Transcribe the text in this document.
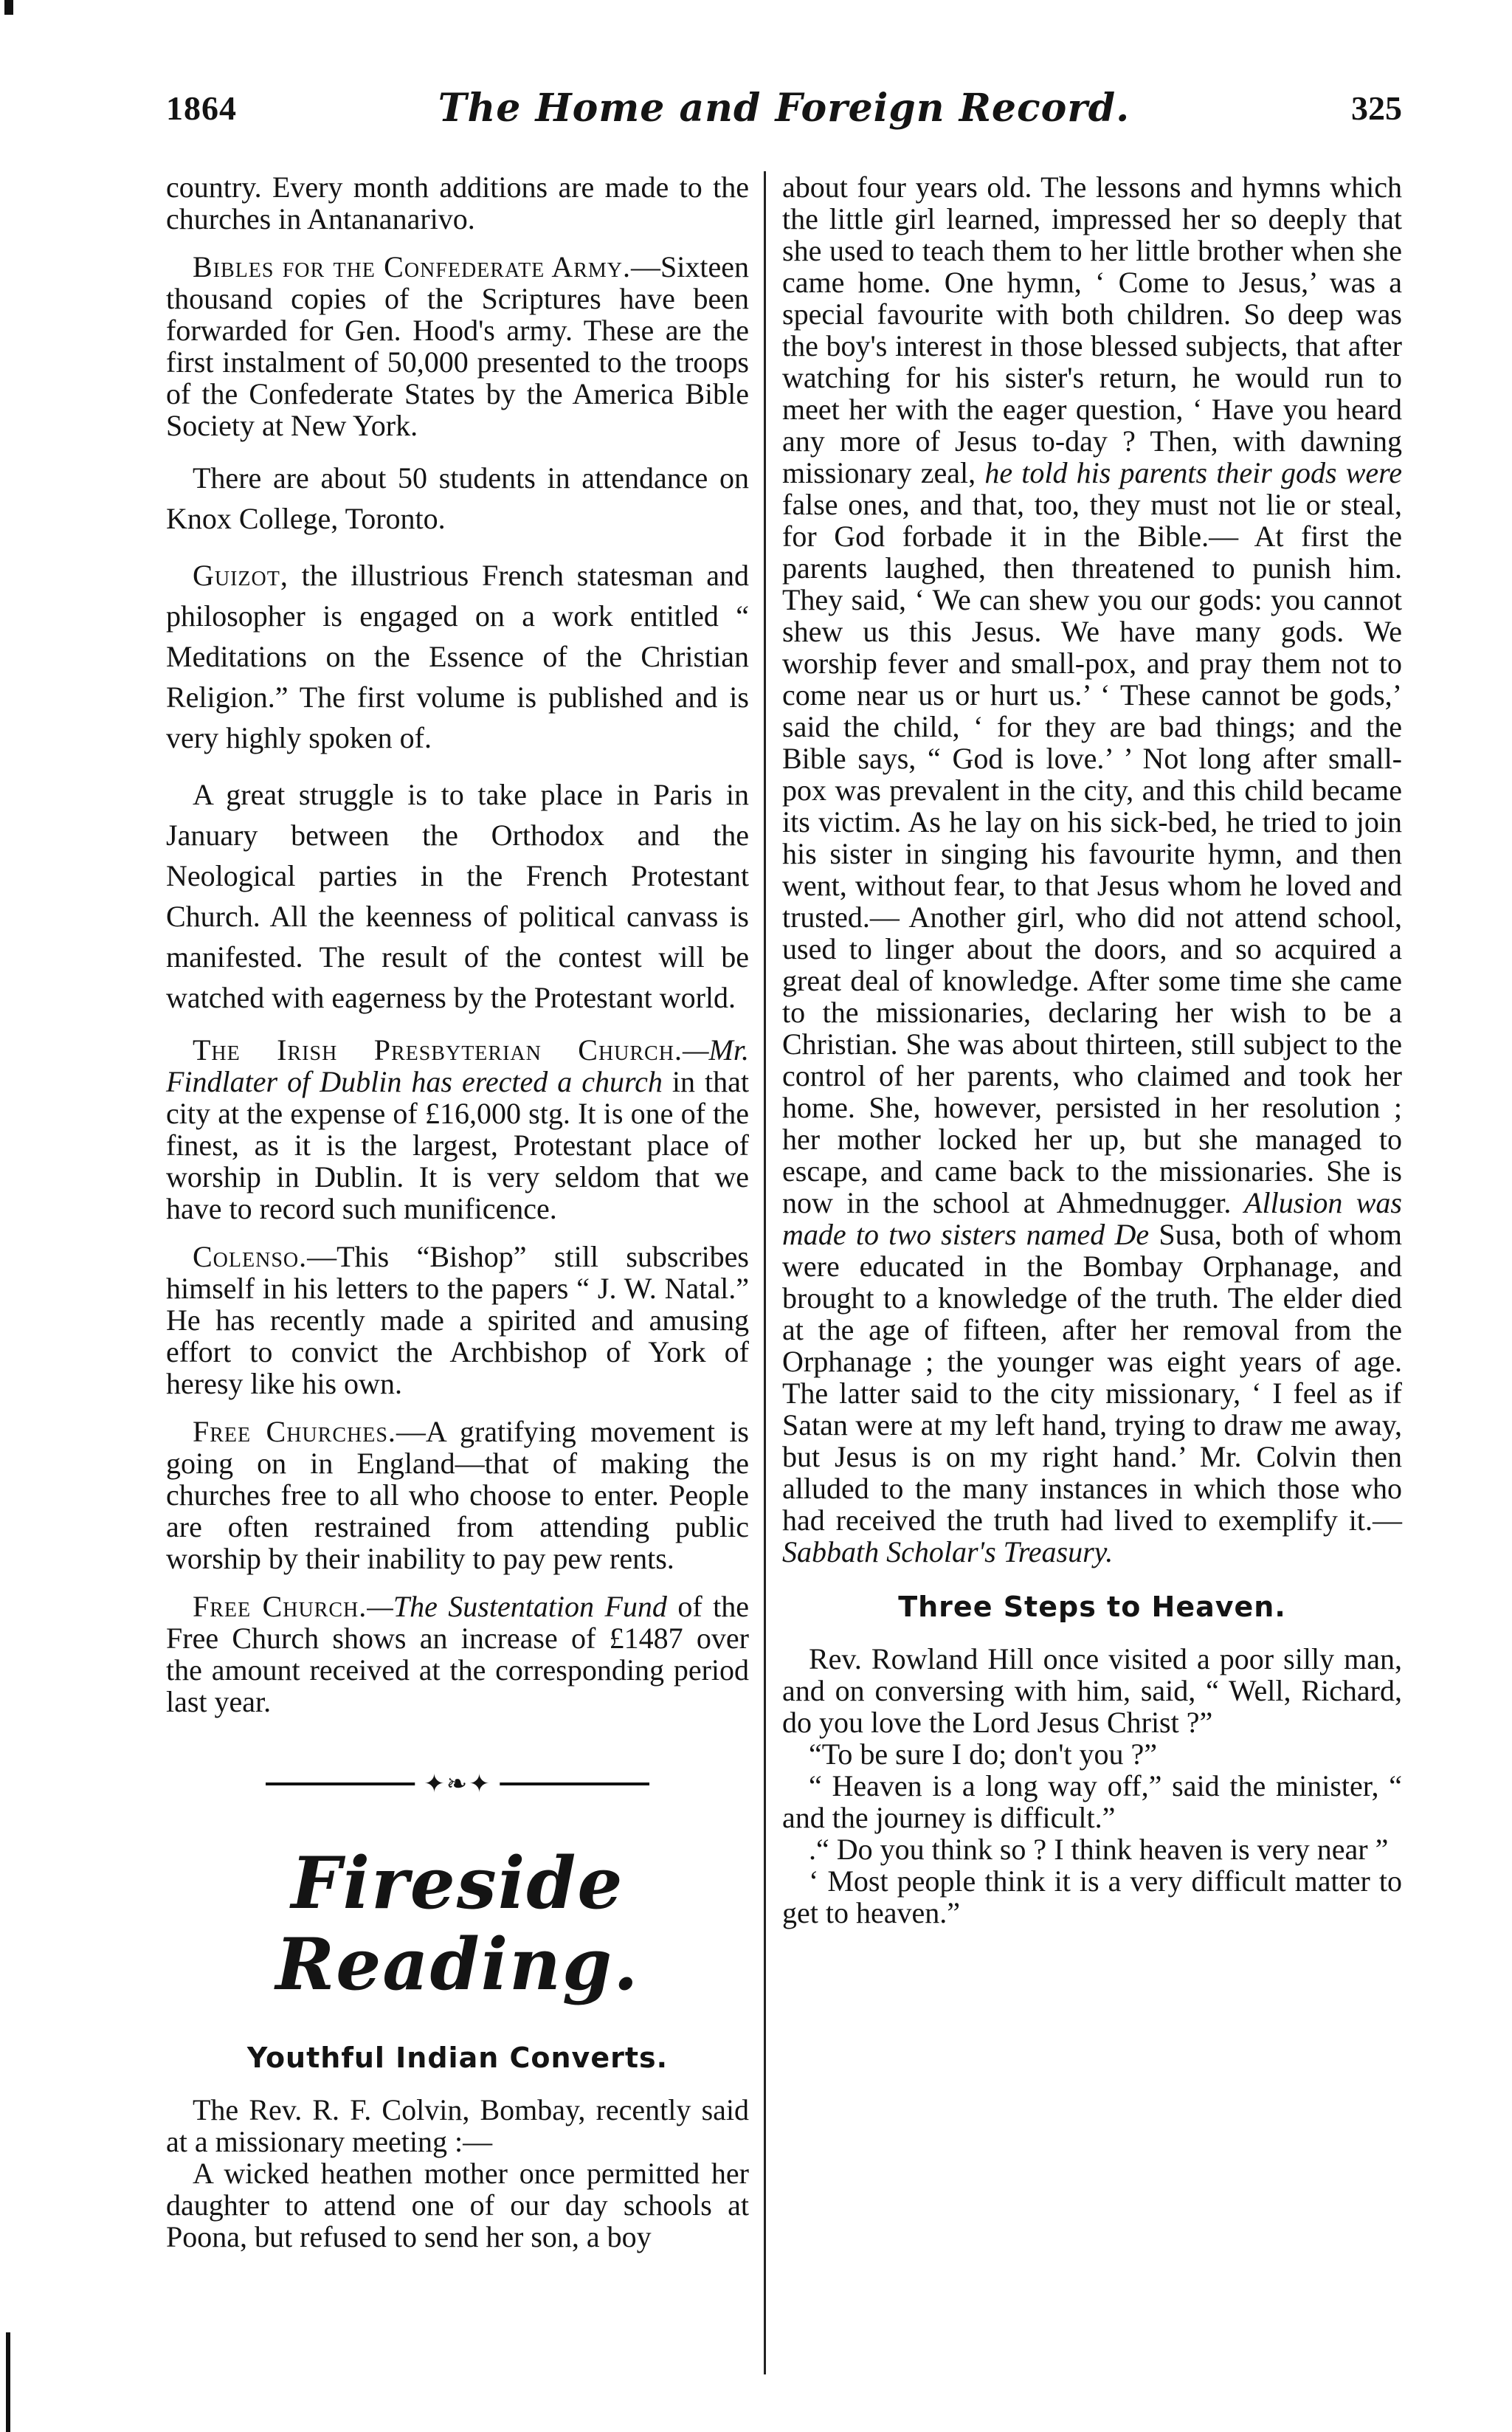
1864	The Home and Foreign Record.	325

country. Every month additions are made to the churches in Antananarivo.

Bibles for the Confederate Army.—Sixteen thousand copies of the Scriptures have been forwarded for Gen. Hood's army. These are the first instalment of 50,000 presented to the troops of the Confederate States by the America Bible Society at New York.

There are about 50 students in attendance on Knox College, Toronto.

Guizot, the illustrious French statesman and philosopher is engaged on a work entitled “ Meditations on the Essence of the Christian Religion.” The first volume is published and is very highly spoken of.

A great struggle is to take place in Paris in January between the Orthodox and the Neological parties in the French Protestant Church. All the keenness of political canvass is manifested. The result of the contest will be watched with eagerness by the Protestant world.

The Irish Presbyterian Church.—Mr. Findlater of Dublin has erected a church in that city at the expense of £16,000 stg. It is one of the finest, as it is the largest, Protestant place of worship in Dublin. It is very seldom that we have to record such munificence.

Colenso.—This “Bishop” still subscribes himself in his letters to the papers “ J. W. Natal.” He has recently made a spirited and amusing effort to convict the Archbishop of York of heresy like his own.

Free Churches.—A gratifying movement is going on in England—that of making the churches free to all who choose to enter. People are often restrained from attending public worship by their inability to pay pew rents.

Free Church.—The Sustentation Fund of the Free Church shows an increase of £1487 over the amount received at the corresponding period last year.

✦❧✦
Fireside Reading.
Youthful Indian Converts.

The Rev. R. F. Colvin, Bombay, recently said at a missionary meeting :—

A wicked heathen mother once permitted her daughter to attend one of our day schools at Poona, but refused to send her son, a boy

about four years old. The lessons and hymns which the little girl learned, impressed her so deeply that she used to teach them to her little brother when she came home. One hymn, ‘ Come to Jesus,’ was a special favourite with both children. So deep was the boy's interest in those blessed subjects, that after watching for his sister's return, he would run to meet her with the eager question, ‘ Have you heard any more of Jesus to-day ? Then, with dawning missionary zeal, he told his parents their gods were false ones, and that, too, they must not lie or steal, for God forbade it in the Bible.— At first the parents laughed, then threatened to punish him. They said, ‘ We can shew you our gods: you cannot shew us this Jesus. We have many gods. We worship fever and small-pox, and pray them not to come near us or hurt us.’ ‘ These cannot be gods,’ said the child, ‘ for they are bad things; and the Bible says, “ God is love.’ ’ Not long after small-pox was prevalent in the city, and this child became its victim. As he lay on his sick-bed, he tried to join his sister in singing his favourite hymn, and then went, without fear, to that Jesus whom he loved and trusted.— Another girl, who did not attend school, used to linger about the doors, and so acquired a great deal of knowledge. After some time she came to the missionaries, declaring her wish to be a Christian. She was about thirteen, still subject to the control of her parents, who claimed and took her home. She, however, persisted in her resolution ; her mother locked her up, but she managed to escape, and came back to the missionaries. She is now in the school at Ahmednugger. Allusion was made to two sisters named De Susa, both of whom were educated in the Bombay Orphanage, and brought to a knowledge of the truth. The elder died at the age of fifteen, after her removal from the Orphanage ; the younger was eight years of age. The latter said to the city missionary, ‘ I feel as if Satan were at my left hand, trying to draw me away, but Jesus is on my right hand.’ Mr. Colvin then alluded to the many instances in which those who had received the truth had lived to exemplify it.—Sabbath Scholar's Treasury.

Three Steps to Heaven.

Rev. Rowland Hill once visited a poor silly man, and on conversing with him, said, “ Well, Richard, do you love the Lord Jesus Christ ?”

“To be sure I do; don't you ?”

“ Heaven is a long way off,” said the minister, “ and the journey is difficult.”

.“ Do you think so ? I think heaven is very near ”

‘ Most people think it is a very difficult matter to get to heaven.”
